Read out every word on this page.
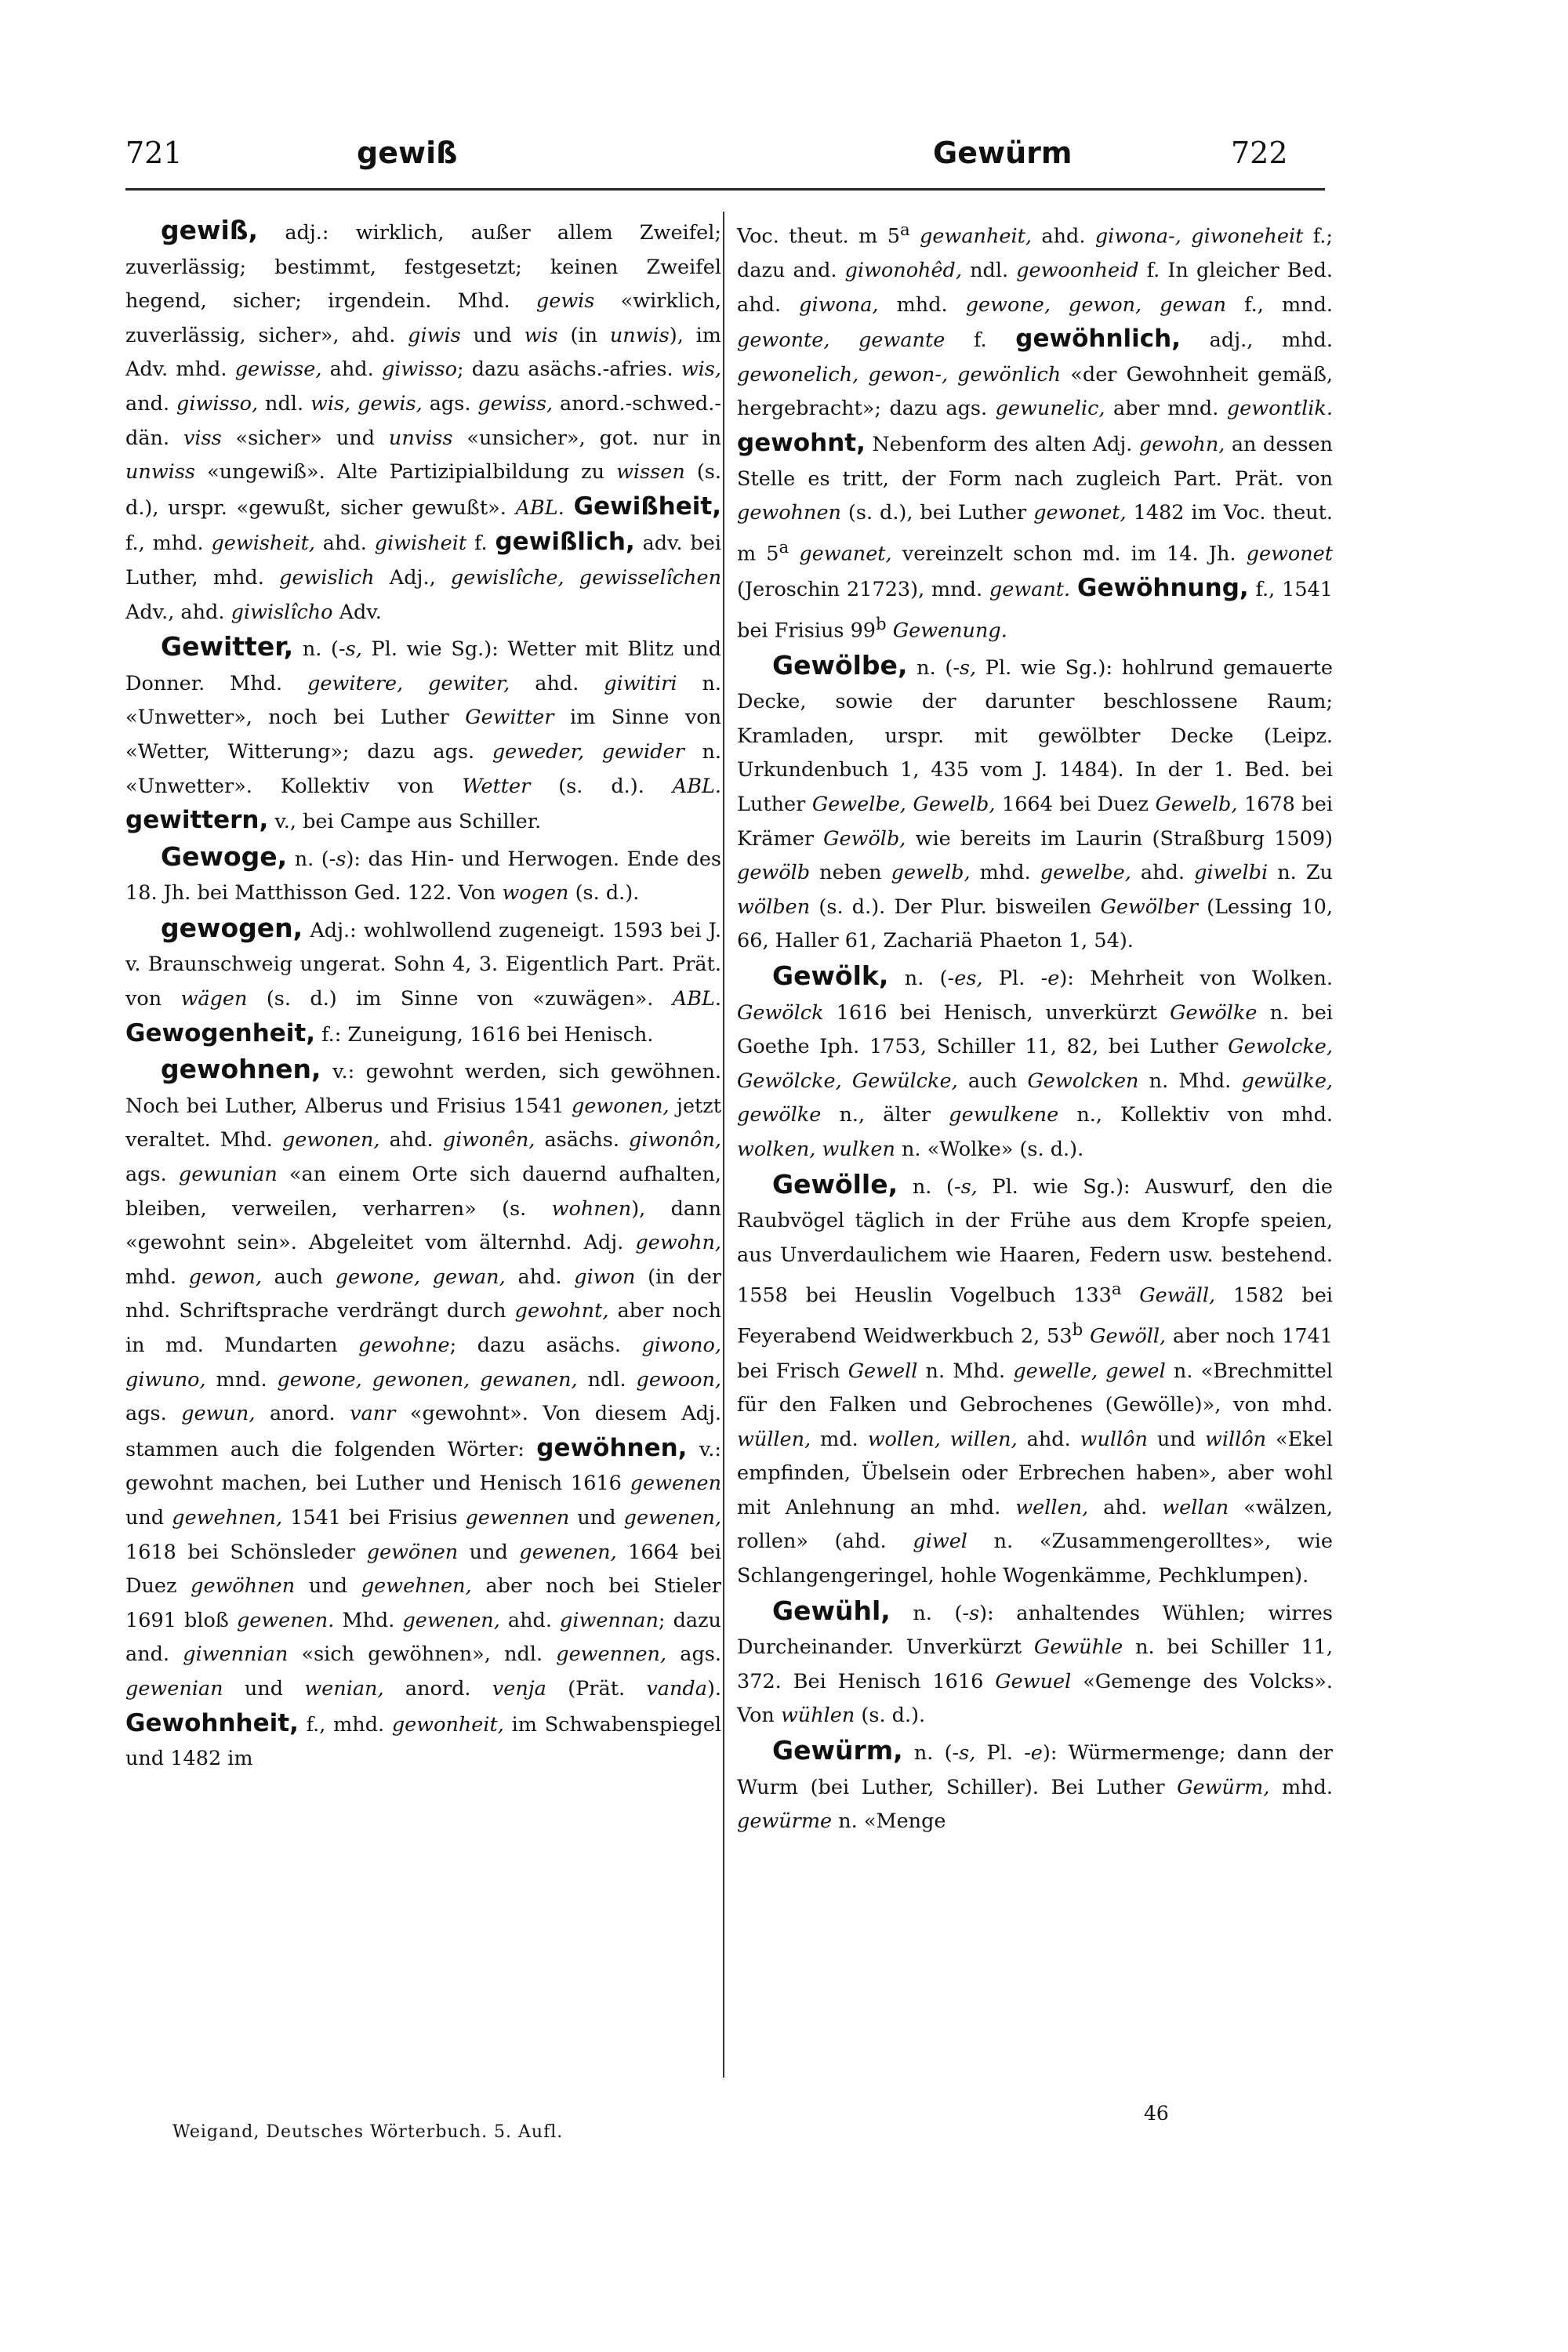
721	gewiß	Gewürm	722

gewiß, adj.: wirklich, außer allem Zweifel; zuverlässig; bestimmt, festgesetzt; keinen Zweifel hegend, sicher; irgendein. Mhd. gewis «wirklich, zuverlässig, sicher», ahd. giwis und wis (in unwis), im Adv. mhd. gewisse, ahd. giwisso; dazu asächs.-afries. wis, and. giwisso, ndl. wis, gewis, ags. gewiss, anord.-schwed.-dän. viss «sicher» und unviss «unsicher», got. nur in unwiss «ungewiß». Alte Partizipialbildung zu wissen (s. d.), urspr. «gewußt, sicher gewußt». ABL. Gewißheit, f., mhd. gewisheit, ahd. giwisheit f. gewißlich, adv. bei Luther, mhd. gewislich Adj., gewislîche, gewisselîchen Adv., ahd. giwislîcho Adv.

Gewitter, n. (-s, Pl. wie Sg.): Wetter mit Blitz und Donner. Mhd. gewitere, gewiter, ahd. giwitiri n. «Unwetter», noch bei Luther Gewitter im Sinne von «Wetter, Witterung»; dazu ags. geweder, gewider n. «Unwetter». Kollektiv von Wetter (s. d.). ABL. gewittern, v., bei Campe aus Schiller.

Gewoge, n. (-s): das Hin- und Herwogen. Ende des 18. Jh. bei Matthisson Ged. 122. Von wogen (s. d.).

gewogen, Adj.: wohlwollend zugeneigt. 1593 bei J. v. Braunschweig ungerat. Sohn 4, 3. Eigentlich Part. Prät. von wägen (s. d.) im Sinne von «zuwägen». ABL. Gewogenheit, f.: Zuneigung, 1616 bei Henisch.

gewohnen, v.: gewohnt werden, sich gewöhnen. Noch bei Luther, Alberus und Frisius 1541 gewonen, jetzt veraltet. Mhd. gewonen, ahd. giwonên, asächs. giwonôn, ags. gewunian «an einem Orte sich dauernd aufhalten, bleiben, verweilen, verharren» (s. wohnen), dann «gewohnt sein». Abgeleitet vom älternhd. Adj. gewohn, mhd. gewon, auch gewone, gewan, ahd. giwon (in der nhd. Schriftsprache verdrängt durch gewohnt, aber noch in md. Mundarten gewohne; dazu asächs. giwono, giwuno, mnd. gewone, gewonen, gewanen, ndl. gewoon, ags. gewun, anord. vanr «gewohnt». Von diesem Adj. stammen auch die folgenden Wörter: gewöhnen, v.: gewohnt machen, bei Luther und Henisch 1616 gewenen und gewehnen, 1541 bei Frisius gewennen und gewenen, 1618 bei Schönsleder gewönen und gewenen, 1664 bei Duez gewöhnen und gewehnen, aber noch bei Stieler 1691 bloß gewenen. Mhd. gewenen, ahd. giwennan; dazu and. giwennian «sich gewöhnen», ndl. gewennen, ags. gewenian und wenian, anord. venja (Prät. vanda). Gewohnheit, f., mhd. gewonheit, im Schwabenspiegel und 1482 im

Voc. theut. m 5$^a$ gewanheit, ahd. giwona-, giwoneheit f.; dazu and. giwonohêd, ndl. gewoonheid f. In gleicher Bed. ahd. giwona, mhd. gewone, gewon, gewan f., mnd. gewonte, gewante f. gewöhnlich, adj., mhd. gewonelich, gewon-, gewönlich «der Gewohnheit gemäß, hergebracht»; dazu ags. gewunelic, aber mnd. gewontlik. gewohnt, Nebenform des alten Adj. gewohn, an dessen Stelle es tritt, der Form nach zugleich Part. Prät. von gewohnen (s. d.), bei Luther gewonet, 1482 im Voc. theut. m 5$^a$ gewanet, vereinzelt schon md. im 14. Jh. gewonet (Jeroschin 21723), mnd. gewant. Gewöhnung, f., 1541 bei Frisius 99$^b$ Gewenung.

Gewölbe, n. (-s, Pl. wie Sg.): hohlrund gemauerte Decke, sowie der darunter beschlossene Raum; Kramladen, urspr. mit gewölbter Decke (Leipz. Urkundenbuch 1, 435 vom J. 1484). In der 1. Bed. bei Luther Gewelbe, Gewelb, 1664 bei Duez Gewelb, 1678 bei Krämer Gewölb, wie bereits im Laurin (Straßburg 1509) gewölb neben gewelb, mhd. gewelbe, ahd. giwelbi n. Zu wölben (s. d.). Der Plur. bisweilen Gewölber (Lessing 10, 66, Haller 61, Zachariä Phaeton 1, 54).

Gewölk, n. (-es, Pl. -e): Mehrheit von Wolken. Gewölck 1616 bei Henisch, unverkürzt Gewölke n. bei Goethe Iph. 1753, Schiller 11, 82, bei Luther Gewolcke, Gewölcke, Gewülcke, auch Gewolcken n. Mhd. gewülke, gewölke n., älter gewulkene n., Kollektiv von mhd. wolken, wulken n. «Wolke» (s. d.).

Gewölle, n. (-s, Pl. wie Sg.): Auswurf, den die Raubvögel täglich in der Frühe aus dem Kropfe speien, aus Unverdaulichem wie Haaren, Federn usw. bestehend. 1558 bei Heuslin Vogelbuch 133$^a$ Gewäll, 1582 bei Feyerabend Weidwerkbuch 2, 53$^b$ Gewöll, aber noch 1741 bei Frisch Gewell n. Mhd. gewelle, gewel n. «Brechmittel für den Falken und Gebrochenes (Gewölle)», von mhd. wüllen, md. wollen, willen, ahd. wullôn und willôn «Ekel empfinden, Übelsein oder Erbrechen haben», aber wohl mit Anlehnung an mhd. wellen, ahd. wellan «wälzen, rollen» (ahd. giwel n. «Zusammengerolltes», wie Schlangengeringel, hohle Wogenkämme, Pechklumpen).

Gewühl, n. (-s): anhaltendes Wühlen; wirres Durcheinander. Unverkürzt Gewühle n. bei Schiller 11, 372. Bei Henisch 1616 Gewuel «Gemenge des Volcks». Von wühlen (s. d.).

Gewürm, n. (-s, Pl. -e): Würmermenge; dann der Wurm (bei Luther, Schiller). Bei Luther Gewürm, mhd. gewürme n. «Menge

Weigand, Deutsches Wörterbuch. 5. Aufl.
46
